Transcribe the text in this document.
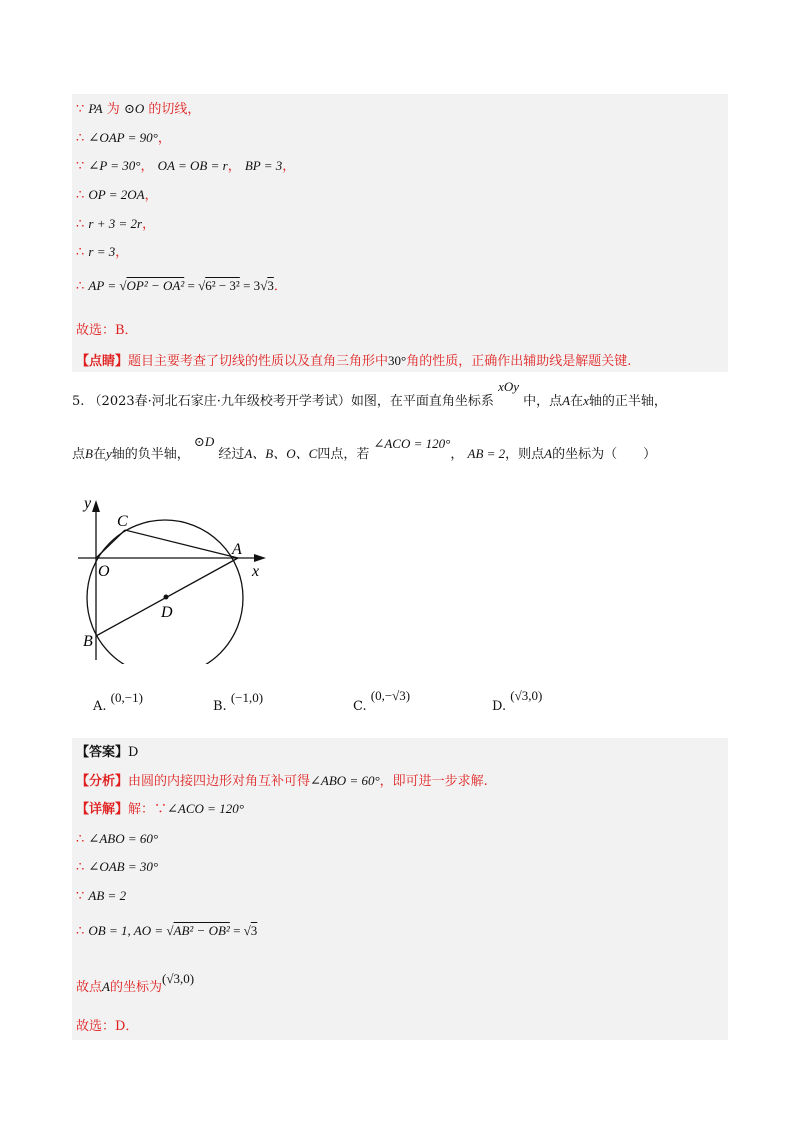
∵ PA 为 ⊙O 的切线，
∴ ∠OAP = 90°，
∵ ∠P = 30°， OA = OB = r， BP = 3，
∴ OP = 2OA，
∴ r + 3 = 2r，
∴ r = 3，
∴ AP = √OP² − OA² = √6² − 3² = 3√3．
故选：B．
【点睛】题目主要考查了切线的性质以及直角三角形中30°角的性质，正确作出辅助线是解题关键.
5. （2023春·河北石家庄·九年级校考开学考试）如图，在平面直角坐标系 xOy 中，点A在x轴的正半轴，
点B在y轴的负半轴， ⊙D 经过A、B、O、C四点，若 ∠ACO = 120°， AB = 2，则点A的坐标为（　　）
y
x
C
O
A
D
B
A. (0,−1)
B. (−1,0)
C. (0,−√3)
D. (√3,0)
【答案】D
【分析】由圆的内接四边形对角互补可得∠ABO = 60°，即可进一步求解.
【详解】解：∵∠ACO = 120°
∴ ∠ABO = 60°
∴ ∠OAB = 30°
∵ AB = 2
∴ OB = 1, AO = √AB² − OB² = √3
故点A的坐标为(√3,0)
故选：D．
